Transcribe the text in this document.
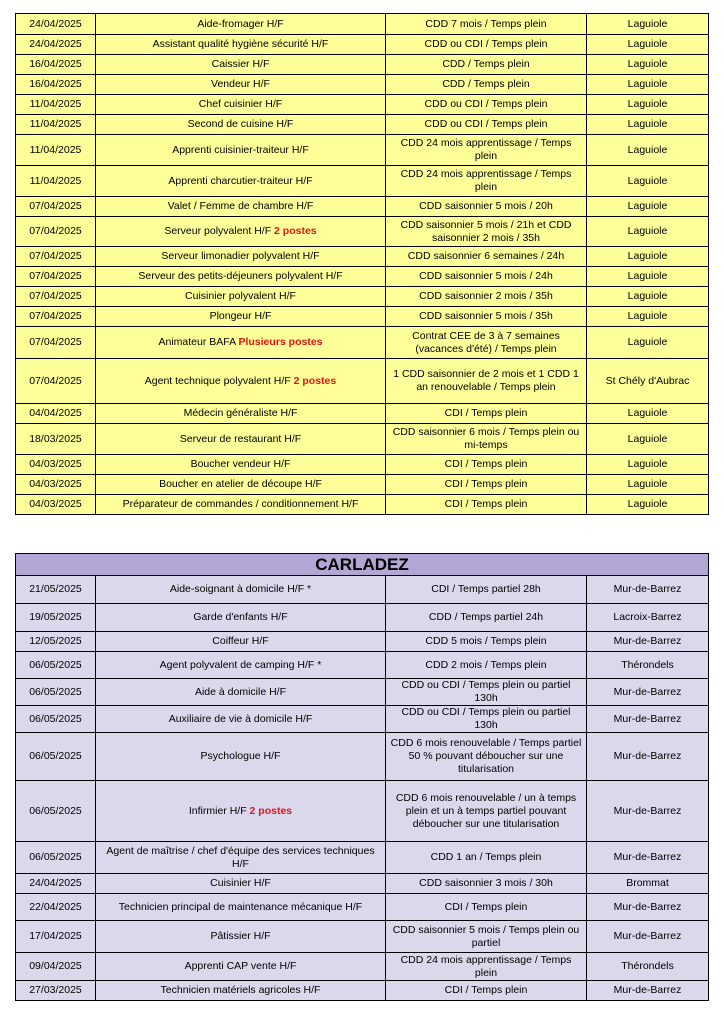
24/04/2025	Aide-fromager H/F	CDD 7 mois / Temps plein	Laguiole
24/04/2025	Assistant qualité hygiène sécurité H/F	CDD ou CDI / Temps plein	Laguiole
16/04/2025	Caissier H/F	CDD / Temps plein	Laguiole
16/04/2025	Vendeur H/F	CDD / Temps plein	Laguiole
11/04/2025	Chef cuisinier H/F	CDD ou CDI / Temps plein	Laguiole
11/04/2025	Second de cuisine H/F	CDD ou CDI / Temps plein	Laguiole
11/04/2025	Apprenti cuisinier-traiteur H/F	CDD 24 mois apprentissage / Temps plein	Laguiole
11/04/2025	Apprenti charcutier-traiteur H/F	CDD 24 mois apprentissage / Temps plein	Laguiole
07/04/2025	Valet / Femme de chambre H/F	CDD saisonnier 5 mois / 20h	Laguiole
07/04/2025	Serveur polyvalent H/F 2 postes	CDD saisonnier 5 mois / 21h et CDD saisonnier 2 mois / 35h	Laguiole
07/04/2025	Serveur limonadier polyvalent H/F	CDD saisonnier 6 semaines / 24h	Laguiole
07/04/2025	Serveur des petits-déjeuners polyvalent H/F	CDD saisonnier 5 mois / 24h	Laguiole
07/04/2025	Cuisinier polyvalent H/F	CDD saisonnier 2 mois / 35h	Laguiole
07/04/2025	Plongeur H/F	CDD saisonnier 5 mois / 35h	Laguiole
07/04/2025	Animateur BAFA Plusieurs postes	Contrat CEE de 3 à 7 semaines (vacances d'été) / Temps plein	Laguiole
07/04/2025	Agent technique polyvalent H/F 2 postes	1 CDD saisonnier de 2 mois et 1 CDD 1 an renouvelable / Temps plein	St Chély d'Aubrac
04/04/2025	Médecin généraliste H/F	CDI / Temps plein	Laguiole
18/03/2025	Serveur de restaurant H/F	CDD saisonnier 6 mois / Temps plein ou mi-temps	Laguiole
04/03/2025	Boucher vendeur H/F	CDI / Temps plein	Laguiole
04/03/2025	Boucher en atelier de découpe H/F	CDI / Temps plein	Laguiole
04/03/2025	Préparateur de commandes / conditionnement H/F	CDI / Temps plein	Laguiole
CARLADEZ			
21/05/2025	Aide-soignant à domicile H/F *	CDI / Temps partiel 28h	Mur-de-Barrez
19/05/2025	Garde d'enfants H/F	CDD / Temps partiel 24h	Lacroix-Barrez
12/05/2025	Coiffeur H/F	CDD 5 mois / Temps plein	Mur-de-Barrez
06/05/2025	Agent polyvalent de camping H/F *	CDD 2 mois / Temps plein	Thérondels
06/05/2025	Aide à domicile H/F	CDD ou CDI / Temps plein ou partiel 130h	Mur-de-Barrez
06/05/2025	Auxiliaire de vie à domicile H/F	CDD ou CDI / Temps plein ou partiel 130h	Mur-de-Barrez
06/05/2025	Psychologue H/F	CDD 6 mois renouvelable / Temps partiel 50 % pouvant déboucher sur une titularisation	Mur-de-Barrez
06/05/2025	Infirmier H/F 2 postes	CDD 6 mois renouvelable / un à temps plein et un à temps partiel pouvant déboucher sur une titularisation	Mur-de-Barrez
06/05/2025	Agent de maîtrise / chef d'équipe des services techniques H/F	CDD 1 an / Temps plein	Mur-de-Barrez
24/04/2025	Cuisinier H/F	CDD saisonnier 3 mois / 30h	Brommat
22/04/2025	Technicien principal de maintenance mécanique H/F	CDI / Temps plein	Mur-de-Barrez
17/04/2025	Pâtissier H/F	CDD saisonnier 5 mois / Temps plein ou partiel	Mur-de-Barrez
09/04/2025	Apprenti CAP vente H/F	CDD 24 mois apprentissage / Temps plein	Thérondels
27/03/2025	Technicien matériels agricoles H/F	CDI / Temps plein	Mur-de-Barrez
